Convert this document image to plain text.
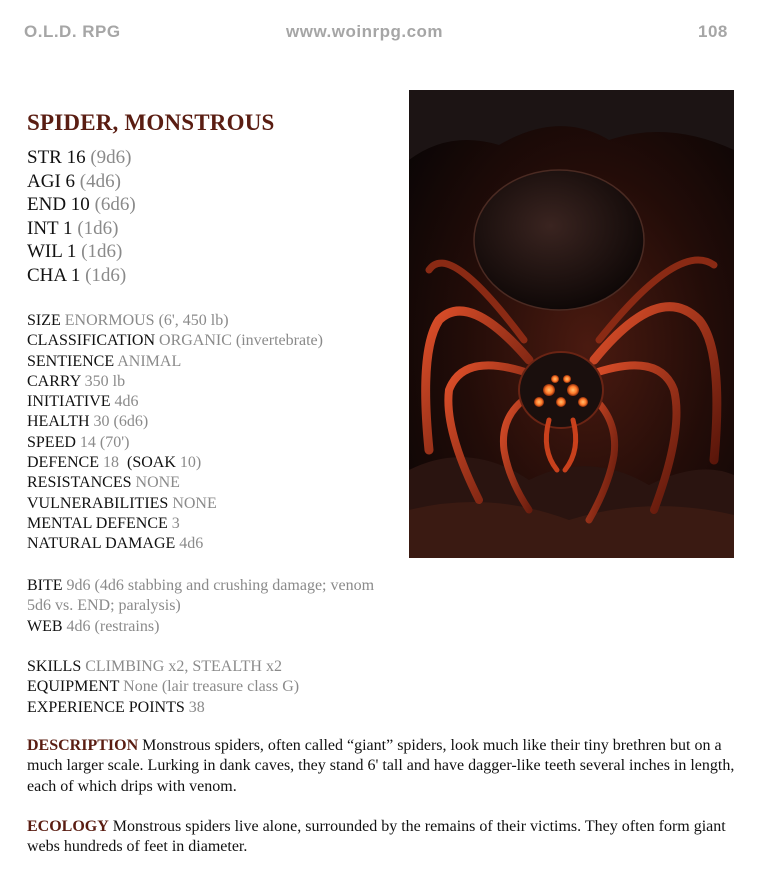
O.L.D. RPG	www.woinrpg.com	108
SPIDER, MONSTROUS
STR 16 (9d6)
AGI 6 (4d6)
END 10 (6d6)
INT 1 (1d6)
WIL 1 (1d6)
CHA 1 (1d6)
SIZE ENORMOUS (6', 450 lb)
CLASSIFICATION ORGANIC (invertebrate)
SENTIENCE ANIMAL
CARRY 350 lb
INITIATIVE 4d6
HEALTH 30 (6d6)
SPEED 14 (70')
DEFENCE 18 (SOAK 10)
RESISTANCES NONE
VULNERABILITIES NONE
MENTAL DEFENCE 3
NATURAL DAMAGE 4d6
BITE 9d6 (4d6 stabbing and crushing damage; venom 5d6 vs. END; paralysis)
WEB 4d6 (restrains)
SKILLS CLIMBING x2, STEALTH x2
EQUIPMENT None (lair treasure class G)
EXPERIENCE POINTS 38
DESCRIPTION Monstrous spiders, often called “giant” spiders, look much like their tiny brethren but on a much larger scale. Lurking in dank caves, they stand 6' tall and have dagger-like teeth several inches in length, each of which drips with venom.
ECOLOGY Monstrous spiders live alone, surrounded by the remains of their victims. They often form giant webs hundreds of feet in diameter.
